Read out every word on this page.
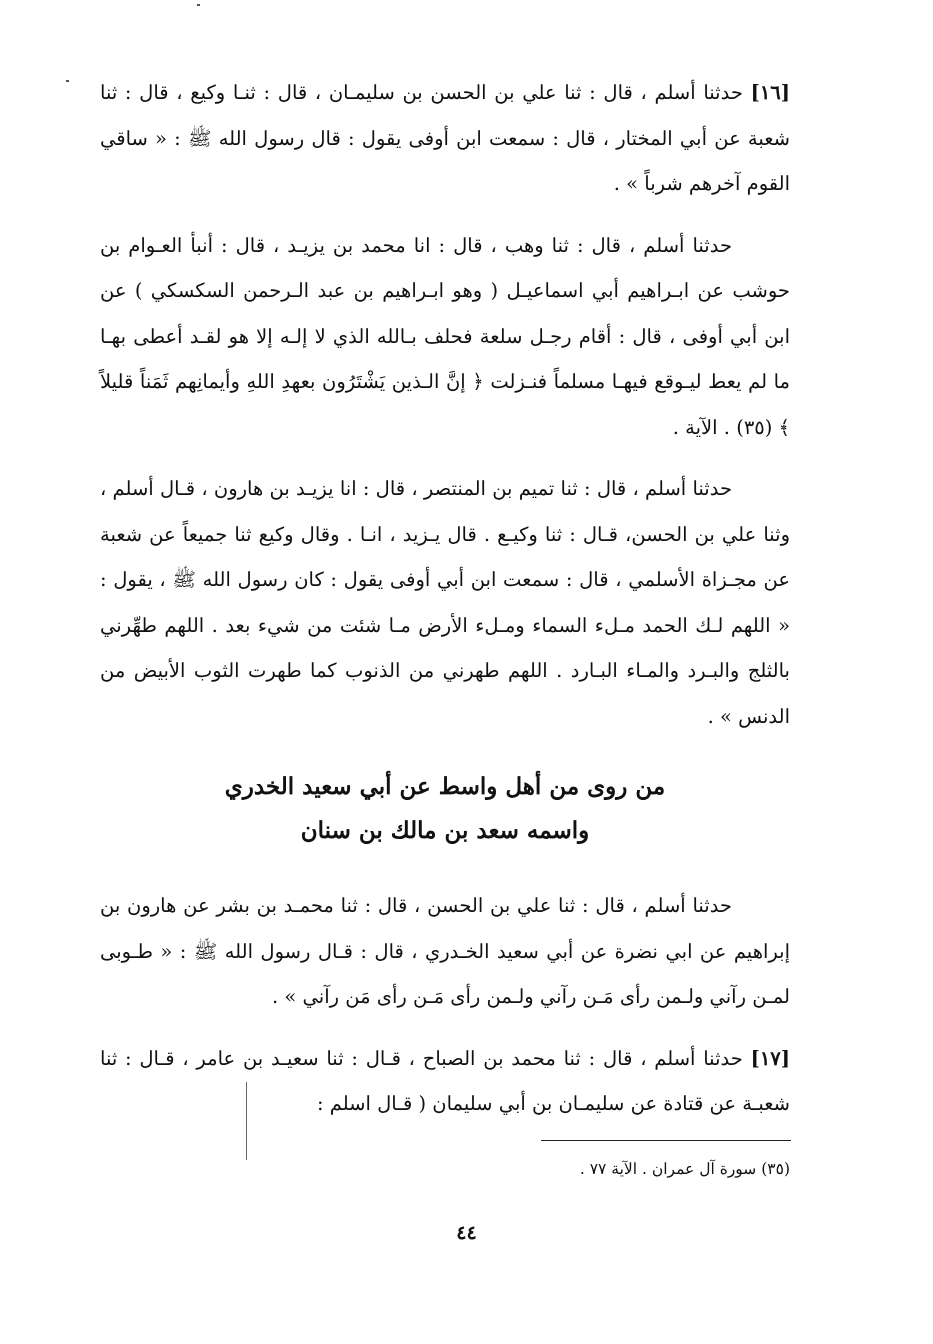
[١٦] حدثنا أسلم ، قال : ثنا علي بن الحسن بن سليمـان ، قال : ثنـا وكيع ، قال : ثنا شعبة عن أبي المختار ، قال : سمعت ابن أوفى يقول : قال رسول الله ﷺ : « ساقي القوم آخرهم شرباً » .

حدثنا أسلم ، قال : ثنا وهب ، قال : انا محمد بن يزيـد ، قال : أنبأ العـوام بن حوشب عن ابـراهيم أبي اسماعيـل ( وهو ابـراهيم بن عبد الـرحمن السكسكي ) عن ابن أبي أوفى ، قال : أقام رجـل سلعة فحلف بـالله الذي لا إلـه إلا هو لقـد أعطى بهـا ما لم يعط ليـوقع فيهـا مسلماً فنـزلت ﴿ إنَّ الـذين يَشْتَرُون بعهدِ اللهِ وأيمانِهم ثَمَناً قليلاً ﴾ (٣٥) . الآية .

حدثنا أسلم ، قال : ثنا تميم بن المنتصر ، قال : انا يزيـد بن هارون ، قـال أسلم ، وثنا علي بن الحسن، قـال : ثنا وكيـع . قال يـزيد ، انـا . وقال وكيع ثنا جميعاً عن شعبة عن مجـزاة الأسلمي ، قال : سمعت ابن أبي أوفى يقول : كان رسول الله ﷺ ، يقول : « اللهم لـك الحمد مـلء السماء ومـلء الأرض مـا شئت من شيء بعد . اللهم طهِّرني بالثلج والبـرد والمـاء البـارد . اللهم طهرني من الذنوب كما طهرت الثوب الأبيض من الدنس » .

من روى من أهل واسط عن أبي سعيد الخدري
واسمه سعد بن مالك بن سنان

حدثنا أسلم ، قال : ثنا علي بن الحسن ، قال : ثنا محمـد بن بشر عن هارون بن إبراهيم عن ابي نضرة عن أبي سعيد الخـدري ، قال : قـال رسول الله ﷺ : « طـوبى لمـن رآني ولـمن رأى مَـن رآني ولـمن رأى مَـن رأى مَن رآني » .

[١٧] حدثنا أسلم ، قال : ثنا محمد بن الصباح ، قـال : ثنا سعيـد بن عامر ، قـال : ثنا شعبـة عن قتادة عن سليمـان بن أبي سليمان ( قـال اسلم :

(٣٥) سورة آل عمران . الآية ٧٧ .
٤٤
